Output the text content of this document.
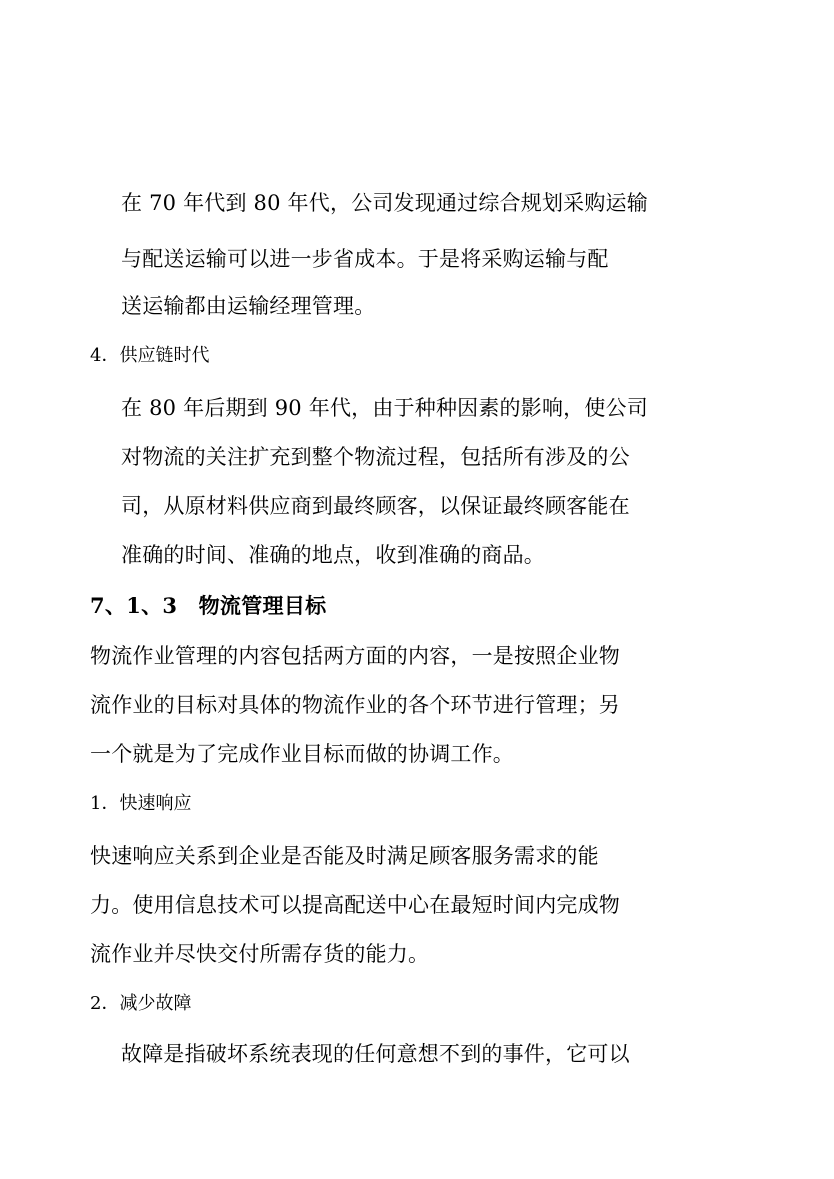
在 70 年代到 80 年代，公司发现通过综合规划采购运输
与配送运输可以进一步省成本。于是将采购运输与配
送运输都由运输经理管理。
4．供应链时代
在 80 年后期到 90 年代，由于种种因素的影响，使公司
对物流的关注扩充到整个物流过程，包括所有涉及的公
司，从原材料供应商到最终顾客，以保证最终顾客能在
准确的时间、准确的地点，收到准确的商品。
7、1、3　物流管理目标
物流作业管理的内容包括两方面的内容，一是按照企业物
流作业的目标对具体的物流作业的各个环节进行管理；另
一个就是为了完成作业目标而做的协调工作。
1．快速响应
快速响应关系到企业是否能及时满足顾客服务需求的能
力。使用信息技术可以提高配送中心在最短时间内完成物
流作业并尽快交付所需存货的能力。
2．减少故障
故障是指破坏系统表现的任何意想不到的事件，它可以
